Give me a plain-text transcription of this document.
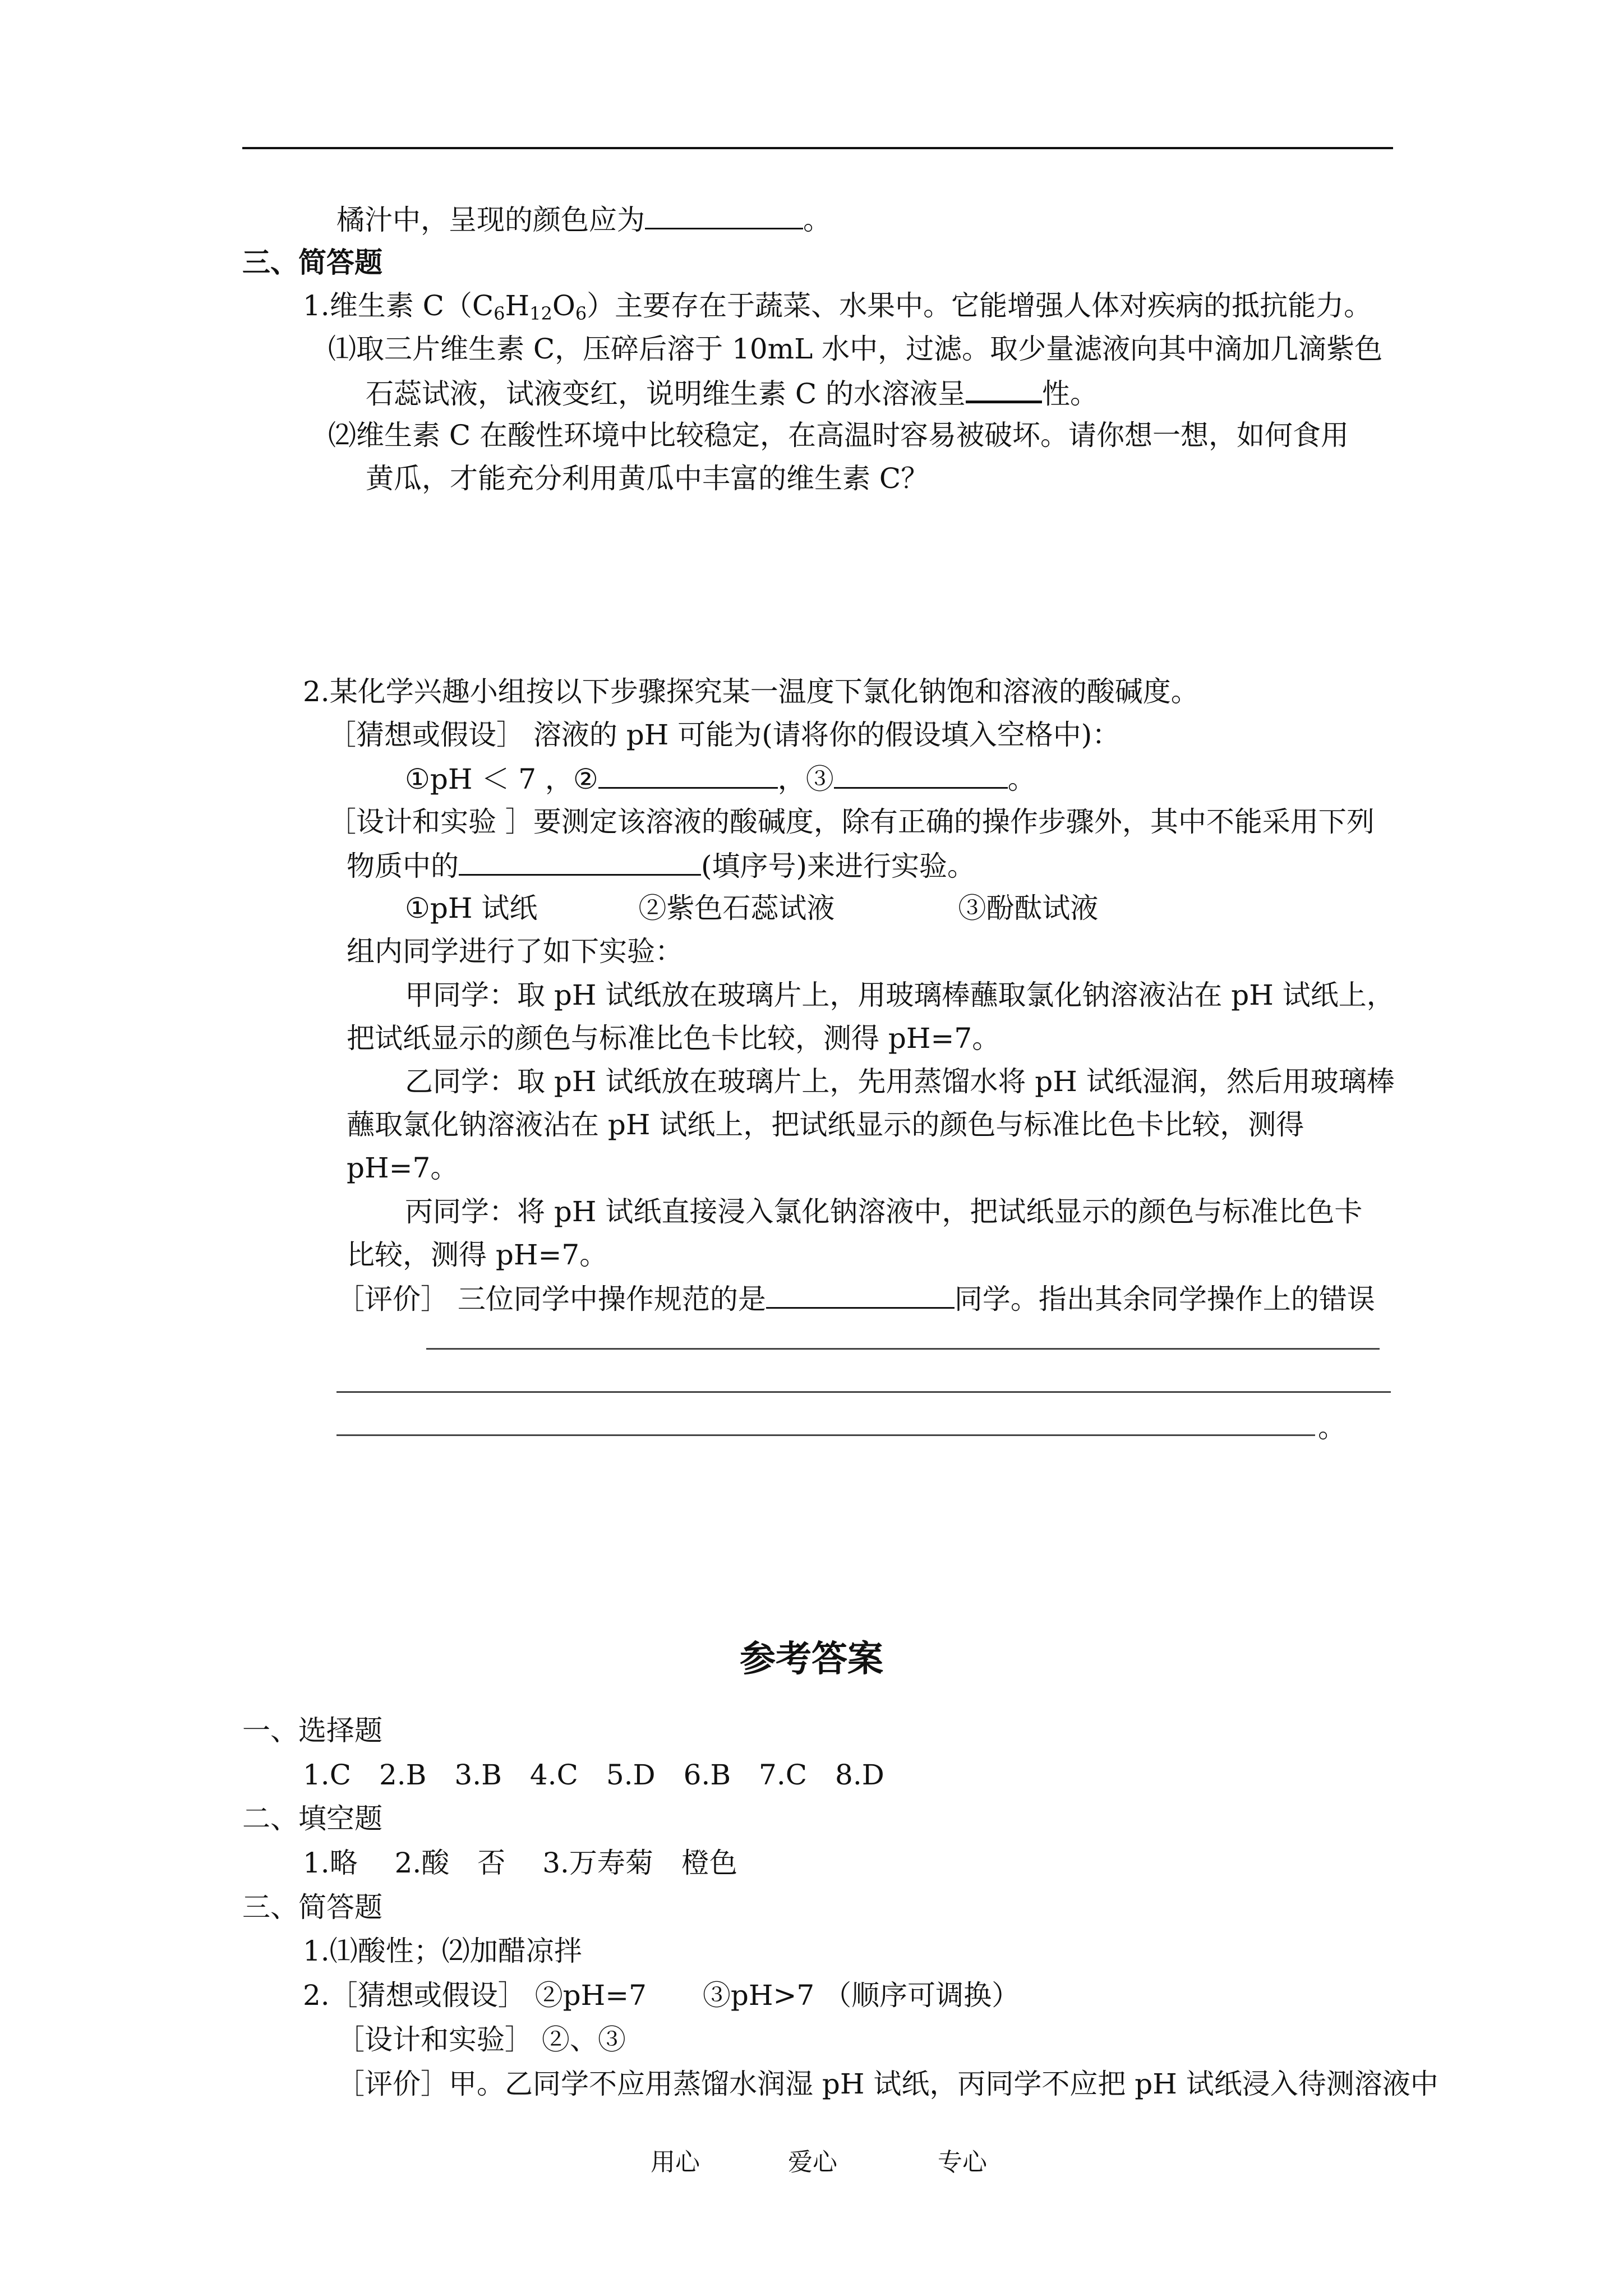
橘汁中，呈现的颜色应为	。
三、简答题
1.维生素 $C(C_6H_{12}O_6)$主要存在于蔬菜、水果中。它能增强人体对疾病的抵抗能力。
⑴取三片维生素 C，压碎后溶于 10mL 水中，过滤。取少量滤液向其中滴加几滴紫色
石蕊试液，试液变红，说明维生素 C 的水溶液呈	性。
⑵维生素 C 在酸性环境中比较稳定，在高温时容易被破坏。请你想一想，如何食用
黄瓜，才能充分利用黄瓜中丰富的维生素 C？
2.某化学兴趣小组按以下步骤探究某一温度下氯化钠饱和溶液的酸碱度。
［猜想或假设］ 溶液的 pH 可能为(请将你的假设填入空格中)：
①pH ＜ 7 ，②	，③	。
［设计和实验 ］要测定该溶液的酸碱度，除有正确的操作步骤外，其中不能采用下列
物质中的	(填序号)来进行实验。
①pH 试纸	②紫色石蕊试液	③酚酞试液
组内同学进行了如下实验：
甲同学：取 pH 试纸放在玻璃片上，用玻璃棒蘸取氯化钠溶液沾在 pH 试纸上，
把试纸显示的颜色与标准比色卡比较，测得 pH=7。
乙同学：取 pH 试纸放在玻璃片上，先用蒸馏水将 pH 试纸湿润，然后用玻璃棒
蘸取氯化钠溶液沾在 pH 试纸上，把试纸显示的颜色与标准比色卡比较，测得
pH=7。
丙同学：将 pH 试纸直接浸入氯化钠溶液中，把试纸显示的颜色与标准比色卡
比较，测得 pH=7。
［评价］ 三位同学中操作规范的是	同学。指出其余同学操作上的错误
。
参考答案
一、选择题
1.C　2.B　3.B　4.C　5.D　6.B　7.C　8.D
二、填空题
1.略　 2.酸　否　 3.万寿菊　橙色
三、简答题
1.⑴酸性；⑵加醋凉拌
2.［猜想或假设］ ②pH=7　　③pH>7 （顺序可调换）
［设计和实验］ ②、③
［评价］甲。乙同学不应用蒸馏水润湿 pH 试纸，丙同学不应把 pH 试纸浸入待测溶液中
用心	爱心	专心
